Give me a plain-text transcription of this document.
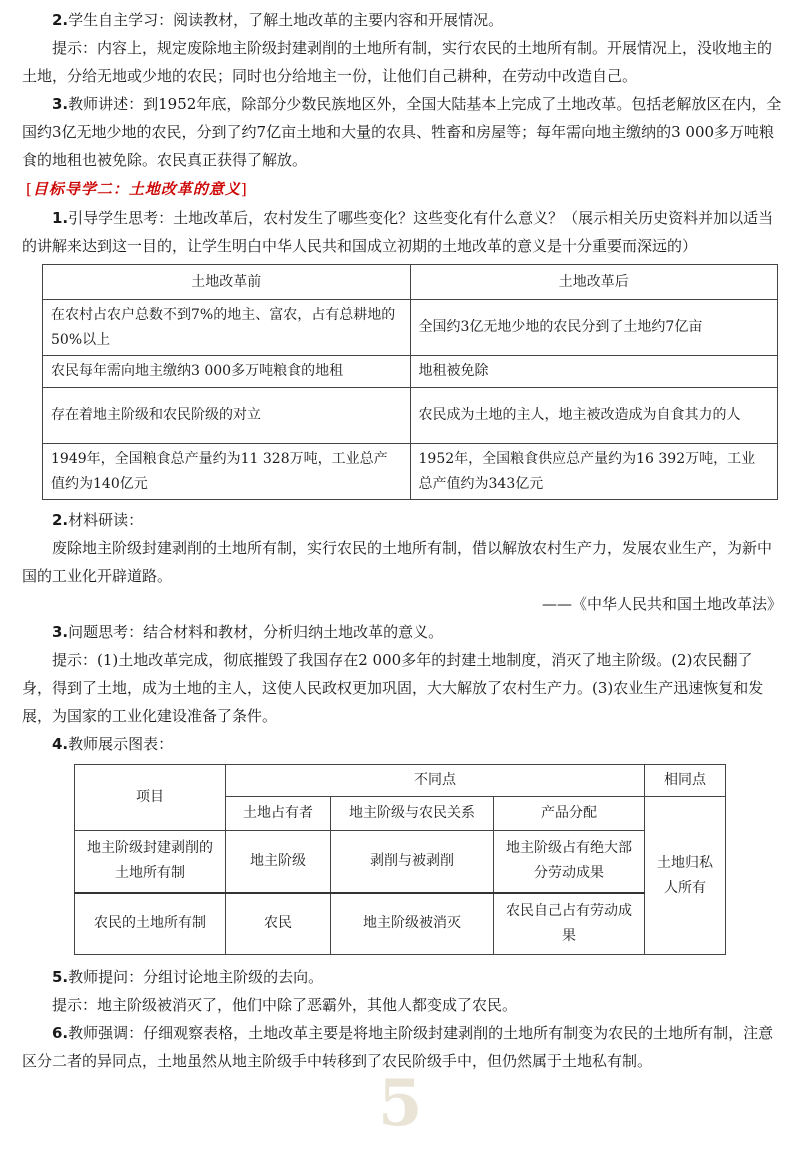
5

2.学生自主学习：阅读教材，了解土地改革的主要内容和开展情况。

提示：内容上，规定废除地主阶级封建剥削的土地所有制，实行农民的土地所有制。开展情况上，没收地主的土地，分给无地或少地的农民；同时也分给地主一份，让他们自己耕种，在劳动中改造自己。

3.教师讲述：到1952年底，除部分少数民族地区外，全国大陆基本上完成了土地改革。包括老解放区在内，全国约3亿无地少地的农民，分到了约7亿亩土地和大量的农具、牲畜和房屋等；每年需向地主缴纳的3 000多万吨粮食的地租也被免除。农民真正获得了解放。

[目标导学二：土地改革的意义]

1.引导学生思考：土地改革后，农村发生了哪些变化？这些变化有什么意义？（展示相关历史资料并加以适当的讲解来达到这一目的，让学生明白中华人民共和国成立初期的土地改革的意义是十分重要而深远的）

土地改革前	土地改革后
在农村占农户总数不到7%的地主、富农，占有总耕地的50%以上	全国约3亿无地少地的农民分到了土地约7亿亩
农民每年需向地主缴纳3 000多万吨粮食的地租	地租被免除
存在着地主阶级和农民阶级的对立	农民成为土地的主人，地主被改造成为自食其力的人
1949年，全国粮食总产量约为11 328万吨，工业总产值约为140亿元	1952年，全国粮食供应总产量约为16 392万吨，工业总产值约为343亿元

2.材料研读：

废除地主阶级封建剥削的土地所有制，实行农民的土地所有制，借以解放农村生产力，发展农业生产，为新中国的工业化开辟道路。

——《中华人民共和国土地改革法》

3.问题思考：结合材料和教材，分析归纳土地改革的意义。

提示：(1)土地改革完成，彻底摧毁了我国存在2 000多年的封建土地制度，消灭了地主阶级。(2)农民翻了身，得到了土地，成为土地的主人，这使人民政权更加巩固，大大解放了农村生产力。(3)农业生产迅速恢复和发展，为国家的工业化建设准备了条件。

4.教师展示图表：

项目	不同点			相同点
	土地占有者	地主阶级与农民关系	产品分配	土地归私人所有
地主阶级封建剥削的土地所有制	地主阶级	剥削与被剥削	地主阶级占有绝大部分劳动成果	
农民的土地所有制	农民	地主阶级被消灭	农民自己占有劳动成果	

5.教师提问：分组讨论地主阶级的去向。

提示：地主阶级被消灭了，他们中除了恶霸外，其他人都变成了农民。

6.教师强调：仔细观察表格，土地改革主要是将地主阶级封建剥削的土地所有制变为农民的土地所有制，注意区分二者的异同点，土地虽然从地主阶级手中转移到了农民阶级手中，但仍然属于土地私有制。
